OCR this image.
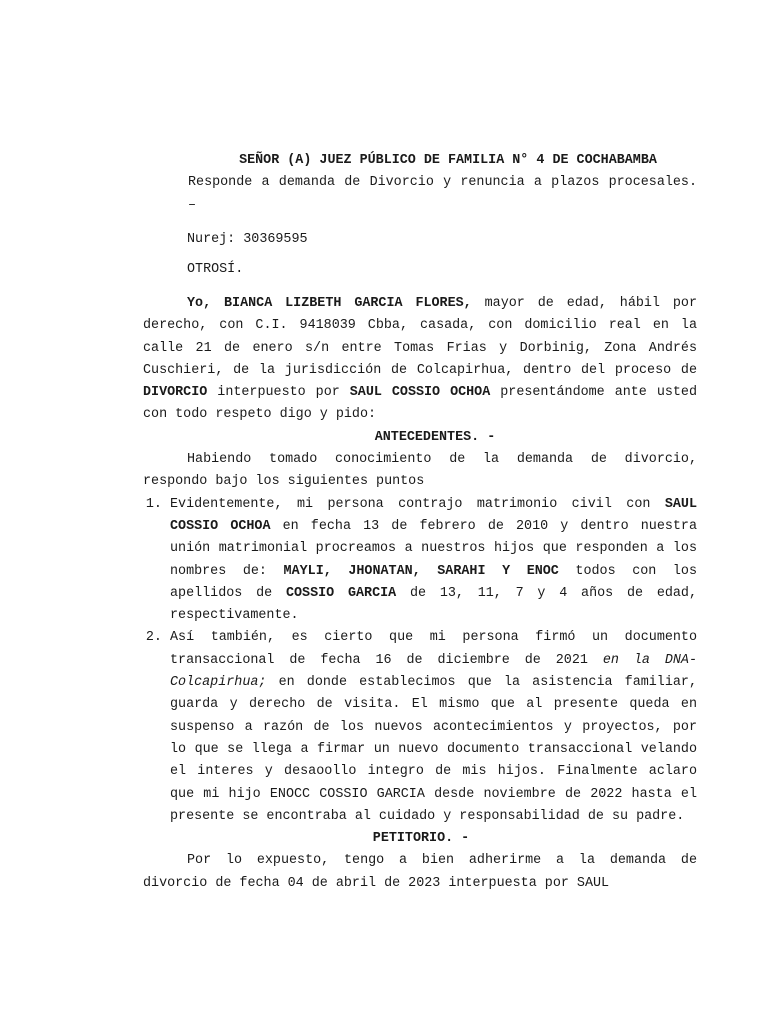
SEÑOR (A) JUEZ PÚBLICO DE FAMILIA N° 4 DE COCHABAMBA
Responde a demanda de Divorcio y renuncia a plazos procesales. –
Nurej: 30369595
OTROSÍ.
Yo, BIANCA LIZBETH GARCIA FLORES, mayor de edad, hábil por derecho, con C.I. 9418039 Cbba, casada, con domicilio real en la calle 21 de enero s/n entre Tomas Frias y Dorbinig, Zona Andrés Cuschieri, de la jurisdicción de Colcapirhua, dentro del proceso de DIVORCIO interpuesto por SAUL COSSIO OCHOA presentándome ante usted con todo respeto digo y pido:
ANTECEDENTES. -
Habiendo tomado conocimiento de la demanda de divorcio, respondo bajo los siguientes puntos
1. Evidentemente, mi persona contrajo matrimonio civil con SAUL COSSIO OCHOA en fecha 13 de febrero de 2010 y dentro nuestra unión matrimonial procreamos a nuestros hijos que responden a los nombres de: MAYLI, JHONATAN, SARAHI Y ENOC todos con los apellidos de COSSIO GARCIA de 13, 11, 7 y 4 años de edad, respectivamente.
2. Así también, es cierto que mi persona firmó un documento transaccional de fecha 16 de diciembre de 2021 en la DNA-Colcapirhua; en donde establecimos que la asistencia familiar, guarda y derecho de visita. El mismo que al presente queda en suspenso a razón de los nuevos acontecimientos y proyectos, por lo que se llega a firmar un nuevo documento transaccional velando el interes y desaoollo integro de mis hijos. Finalmente aclaro que mi hijo ENOCC COSSIO GARCIA desde noviembre de 2022 hasta el presente se encontraba al cuidado y responsabilidad de su padre.
PETITORIO. -
Por lo expuesto, tengo a bien adherirme a la demanda de divorcio de fecha 04 de abril de 2023 interpuesta por SAUL
